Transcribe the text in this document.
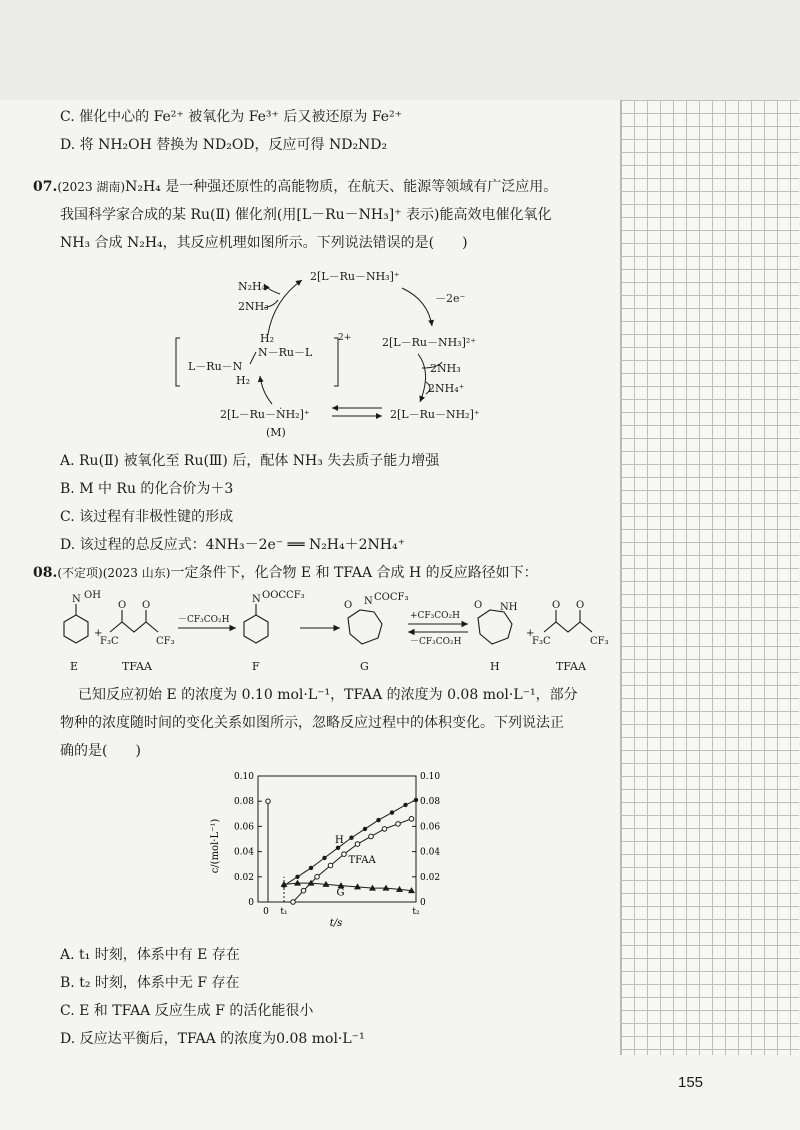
C. 催化中心的 Fe²⁺ 被氧化为 Fe³⁺ 后又被还原为 Fe²⁺
D. 将 NH₂OH 替换为 ND₂OD，反应可得 ND₂ND₂
07.(2023 湖南)N₂H₄ 是一种强还原性的高能物质，在航天、能源等领域有广泛应用。
我国科学家合成的某 Ru(Ⅱ) 催化剂(用[L－Ru－NH₃]⁺ 表示)能高效电催化氧化
NH₃ 合成 N₂H₄，其反应机理如图所示。下列说法错误的是(　　)
2[L－Ru－NH₃]⁺
－2e⁻
2[L－Ru－NH₃]²⁺
2NH₃
2NH₄⁺
2[L－Ru－NH₂]⁺
2[L－Ru－ṄH₂]⁺
(M)
H₂
N－Ru－L
L－Ru－N
H₂
2+
N₂H₄
2NH₃
A. Ru(Ⅱ) 被氧化至 Ru(Ⅲ) 后，配体 NH₃ 失去质子能力增强
B. M 中 Ru 的化合价为＋3
C. 该过程有非极性键的形成
D. 该过程的总反应式：4NH₃－2e⁻ ══ N₂H₄＋2NH₄⁺
08.(不定项)(2023 山东)一定条件下，化合物 E 和 TFAA 合成 H 的反应路径如下：
N OH
+
O O
F₃C	CF₃
－CF₃CO₂H
N OOCCF₃
O N COCF₃
+CF₃CO₂H
－CF₃CO₂H
O NH
+
O O
F₃C	CF₃
E	TFAA	F	G	H	TFAA
已知反应初始 E 的浓度为 0.10 mol·L⁻¹，TFAA 的浓度为 0.08 mol·L⁻¹，部分
物种的浓度随时间的变化关系如图所示，忽略反应过程中的体积变化。下列说法正
确的是(　　)
0	0
0.02	0.02
0.04	0.04
0.06	0.06
0.08	0.08
0.10	0.10
0 t₁	t₂
H
TFAA
G
c/(mol·L⁻¹)
t/s
A. t₁ 时刻，体系中有 E 存在
B. t₂ 时刻，体系中无 F 存在
C. E 和 TFAA 反应生成 F 的活化能很小
D. 反应达平衡后，TFAA 的浓度为0.08 mol·L⁻¹
155
